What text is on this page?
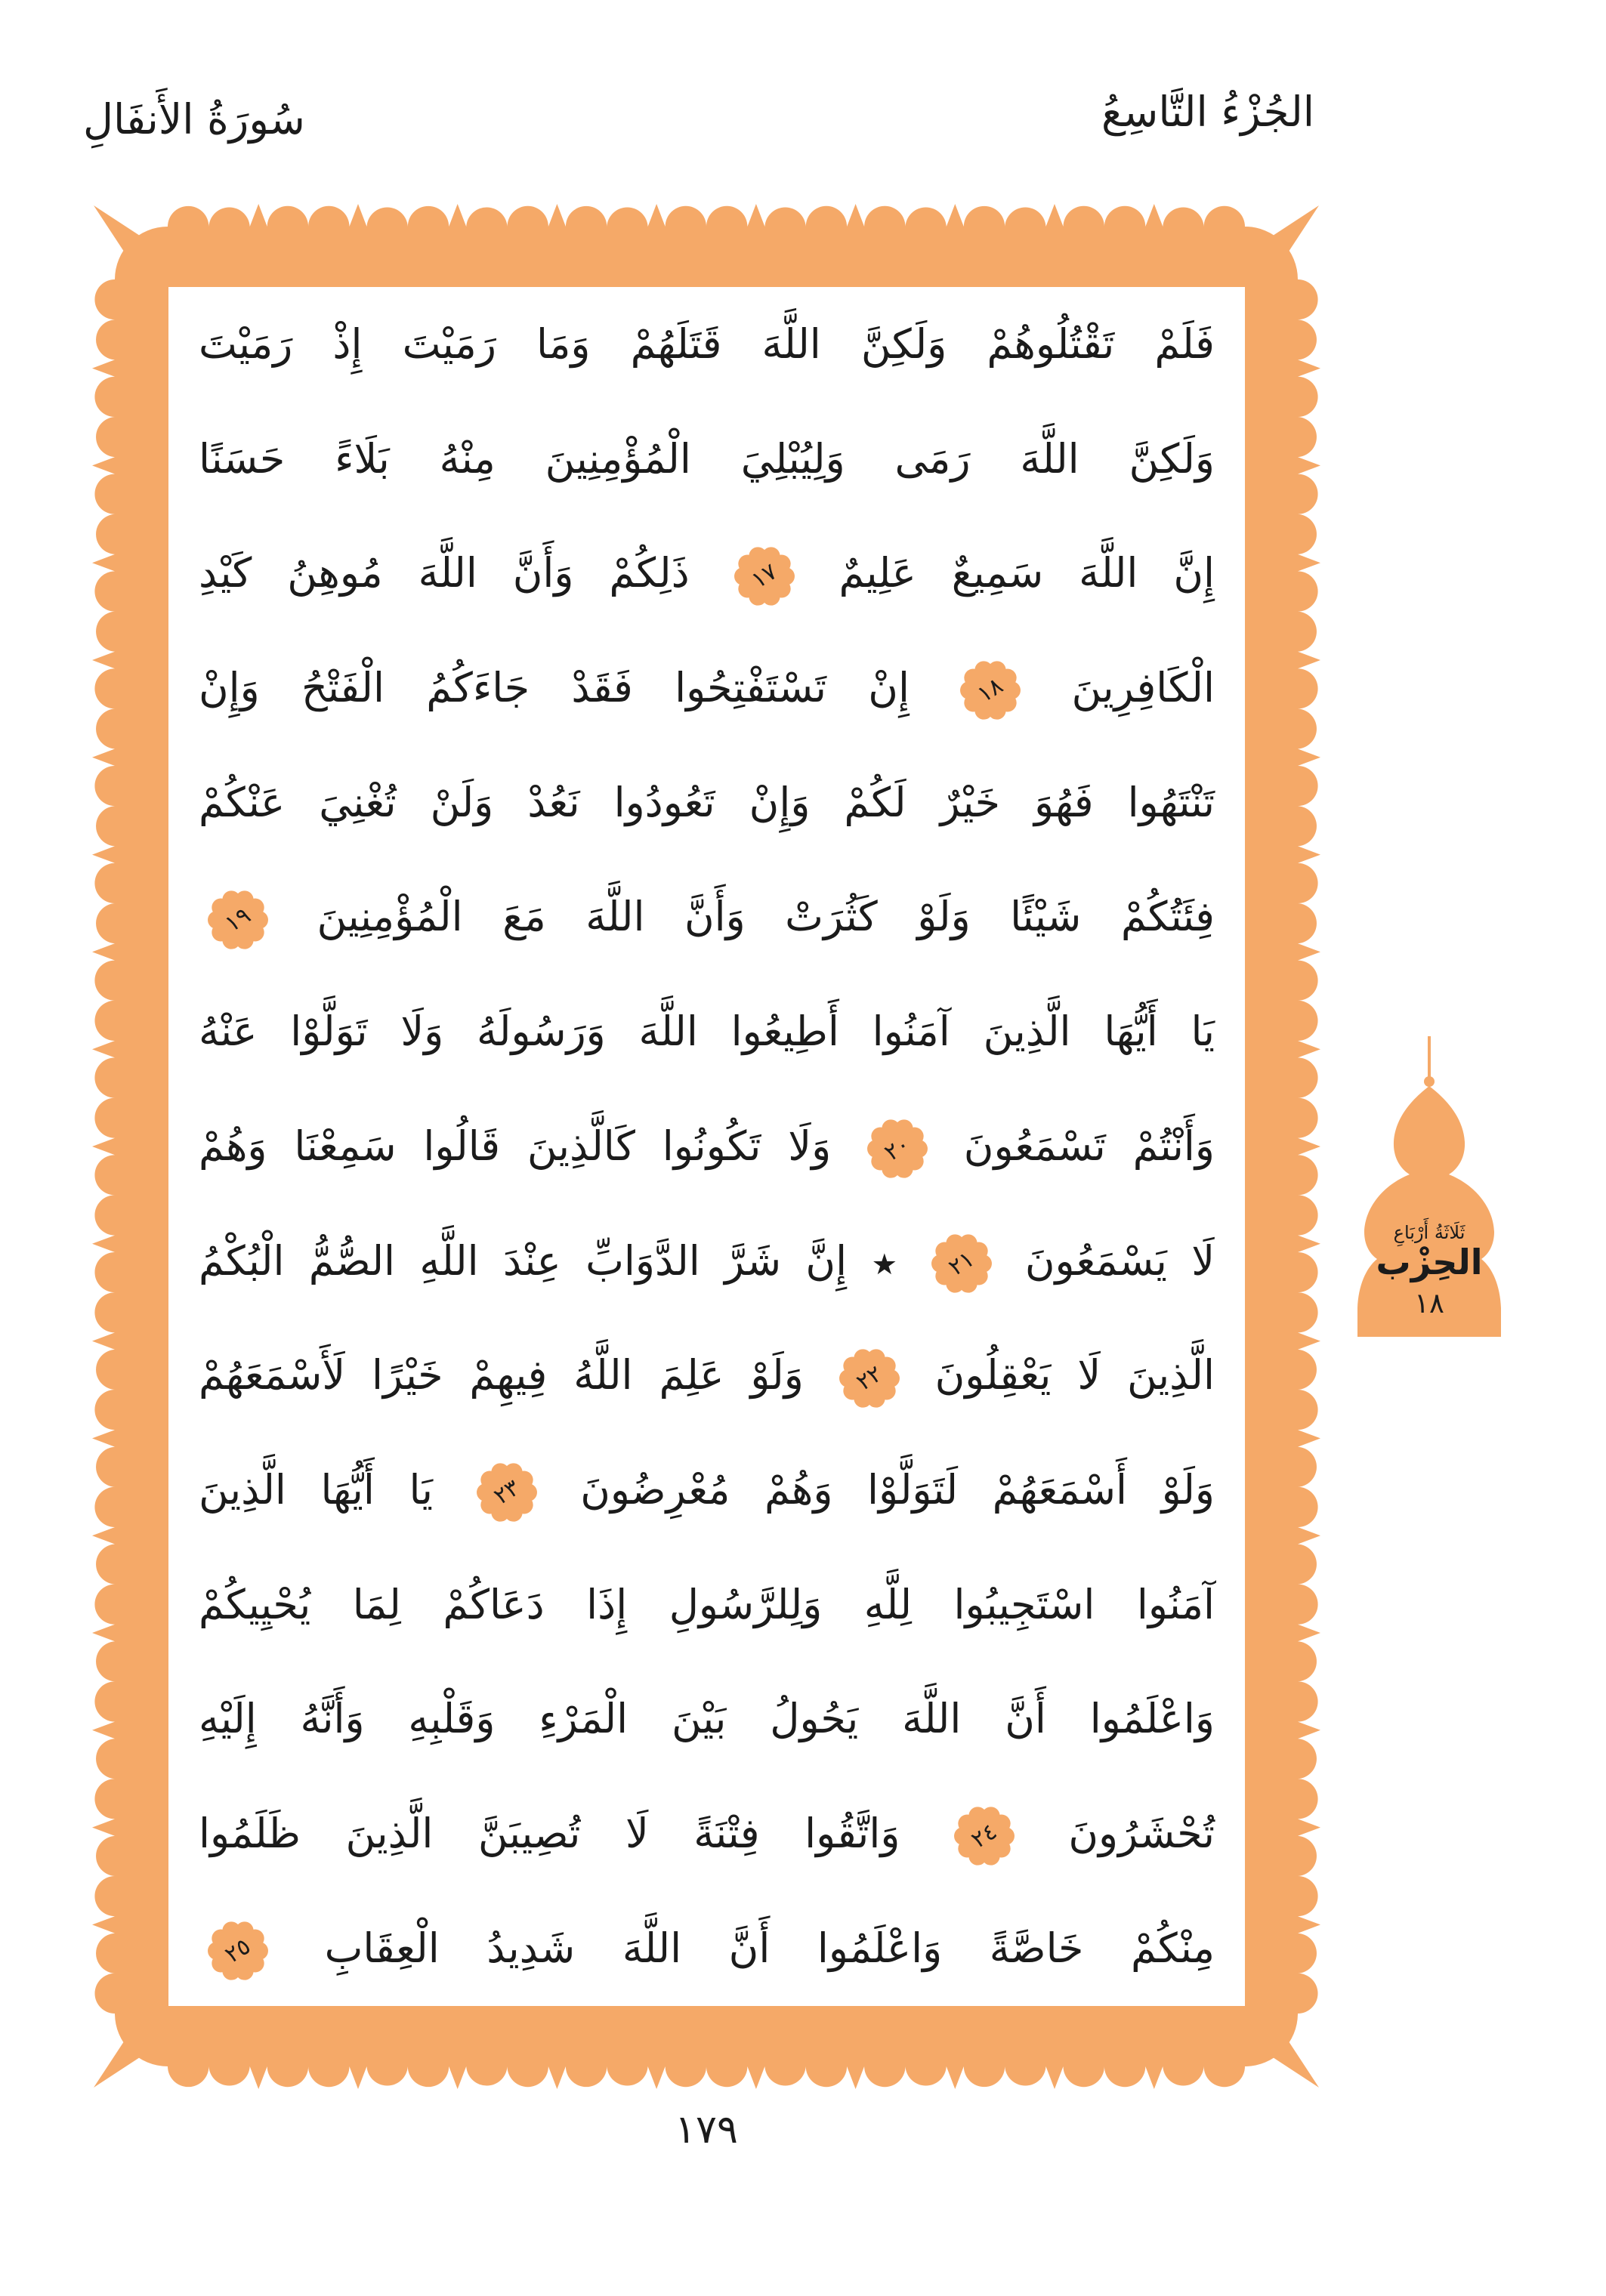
سُورَةُ الأَنفَالِ	الجُزْءُ التَّاسِعُ
فَلَمْ تَقْتُلُوهُمْ وَلَكِنَّ اللَّهَ قَتَلَهُمْ وَمَا رَمَيْتَ إِذْ رَمَيْتَ
وَلَكِنَّ اللَّهَ رَمَى وَلِيُبْلِيَ الْمُؤْمِنِينَ مِنْهُ بَلَاءً حَسَنًا
إِنَّ اللَّهَ سَمِيعٌ عَلِيمٌ
١٧
ذَلِكُمْ وَأَنَّ اللَّهَ مُوهِنُ كَيْدِ
الْكَافِرِينَ
١٨
إِنْ تَسْتَفْتِحُوا فَقَدْ جَاءَكُمُ الْفَتْحُ وَإِنْ
تَنْتَهُوا فَهُوَ خَيْرٌ لَكُمْ وَإِنْ تَعُودُوا نَعُدْ وَلَنْ تُغْنِيَ عَنْكُمْ
فِئَتُكُمْ شَيْئًا وَلَوْ كَثُرَتْ وَأَنَّ اللَّهَ مَعَ الْمُؤْمِنِينَ
١٩
يَا أَيُّهَا الَّذِينَ آمَنُوا أَطِيعُوا اللَّهَ وَرَسُولَهُ وَلَا تَوَلَّوْا عَنْهُ
وَأَنْتُمْ تَسْمَعُونَ
٢٠
وَلَا تَكُونُوا كَالَّذِينَ قَالُوا سَمِعْنَا وَهُمْ
لَا يَسْمَعُونَ
٢١
٭ إِنَّ شَرَّ الدَّوَابِّ عِنْدَ اللَّهِ الصُّمُّ الْبُكْمُ
الَّذِينَ لَا يَعْقِلُونَ
٢٢
وَلَوْ عَلِمَ اللَّهُ فِيهِمْ خَيْرًا لَأَسْمَعَهُمْ
وَلَوْ أَسْمَعَهُمْ لَتَوَلَّوْا وَهُمْ مُعْرِضُونَ
٢٣
يَا أَيُّهَا الَّذِينَ
آمَنُوا اسْتَجِيبُوا لِلَّهِ وَلِلرَّسُولِ إِذَا دَعَاكُمْ لِمَا يُحْيِيكُمْ
وَاعْلَمُوا أَنَّ اللَّهَ يَحُولُ بَيْنَ الْمَرْءِ وَقَلْبِهِ وَأَنَّهُ إِلَيْهِ
تُحْشَرُونَ
٢٤
وَاتَّقُوا فِتْنَةً لَا تُصِيبَنَّ الَّذِينَ ظَلَمُوا
مِنْكُمْ خَاصَّةً وَاعْلَمُوا أَنَّ اللَّهَ شَدِيدُ الْعِقَابِ
٢٥
ثَلَاثَةُ أَرْبَاعِ
الحِزْب
١٨
١٧٩
